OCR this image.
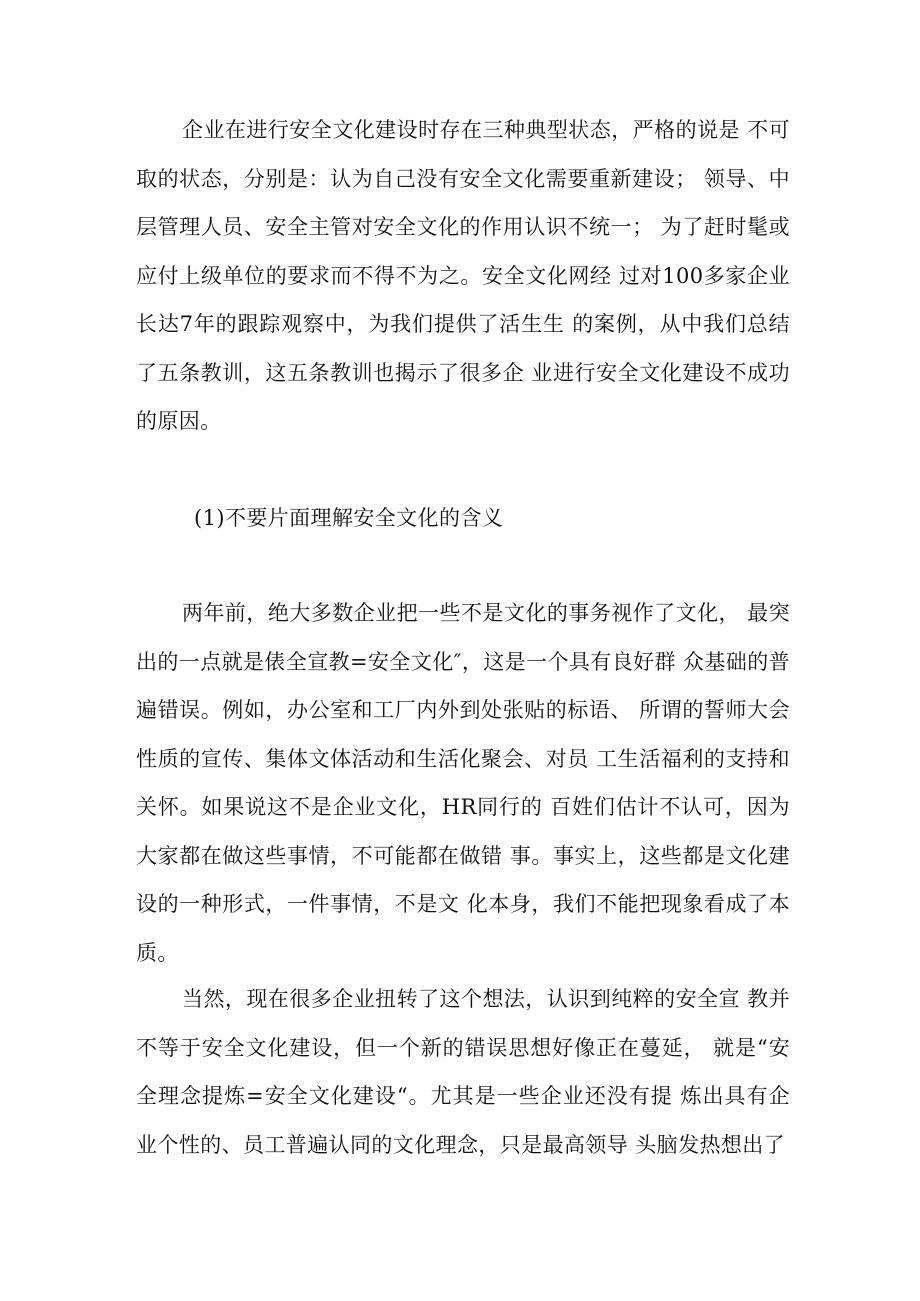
企业在进行安全文化建设时存在三种典型状态，严格的说是 不可取的状态，分别是：认为自己没有安全文化需要重新建设； 领导、中层管理人员、安全主管对安全文化的作用认识不统一； 为了赶时髦或应付上级单位的要求而不得不为之。安全文化网经 过对100多家企业长达7年的跟踪观察中，为我们提供了活生生 的案例，从中我们总结了五条教训，这五条教训也揭示了很多企 业进行安全文化建设不成功的原因。

(1)不要片面理解安全文化的含义

两年前，绝大多数企业把一些不是文化的事务视作了文化， 最突出的一点就是俵全宣教=安全文化″，这是一个具有良好群 众基础的普遍错误。例如，办公室和工厂内外到处张贴的标语、 所谓的誓师大会性质的宣传、集体文体活动和生活化聚会、对员 工生活福利的支持和关怀。如果说这不是企业文化，HR同行的 百姓们估计不认可，因为大家都在做这些事情，不可能都在做错 事。事实上，这些都是文化建设的一种形式，一件事情，不是文 化本身，我们不能把现象看成了本质。

当然，现在很多企业扭转了这个想法，认识到纯粹的安全宣 教并不等于安全文化建设，但一个新的错误思想好像正在蔓延， 就是“安全理念提炼=安全文化建设“。尤其是一些企业还没有提 炼出具有企业个性的、员工普遍认同的文化理念，只是最高领导 头脑发热想出了
